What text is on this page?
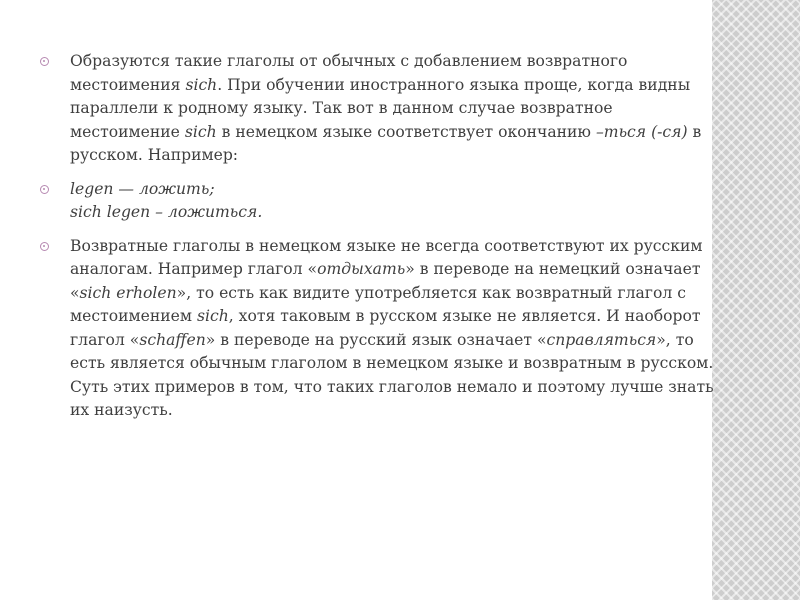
Образуются такие глаголы от обычных с добавлением возвратного местоимения sich. При обучении иностранного языка проще, когда видны параллели к родному языку. Так вот в данном случае возвратное местоимение sich в немецком языке соответствует окончанию –ться (-ся) в русском. Например:
legen — ложить;
sich legen – ложиться.
Возвратные глаголы в немецком языке не всегда соответствуют их русским аналогам. Например глагол «отдыхать» в переводе на немецкий означает «sich erholen», то есть как видите употребляется как возвратный глагол с местоимением sich, хотя таковым в русском языке не является. И наоборот глагол «schaffen» в переводе на русский язык означает «справляться», то есть является обычным глаголом в немецком языке и возвратным в русском. Суть этих примеров в том, что таких глаголов немало и поэтому лучше знать их наизусть.
